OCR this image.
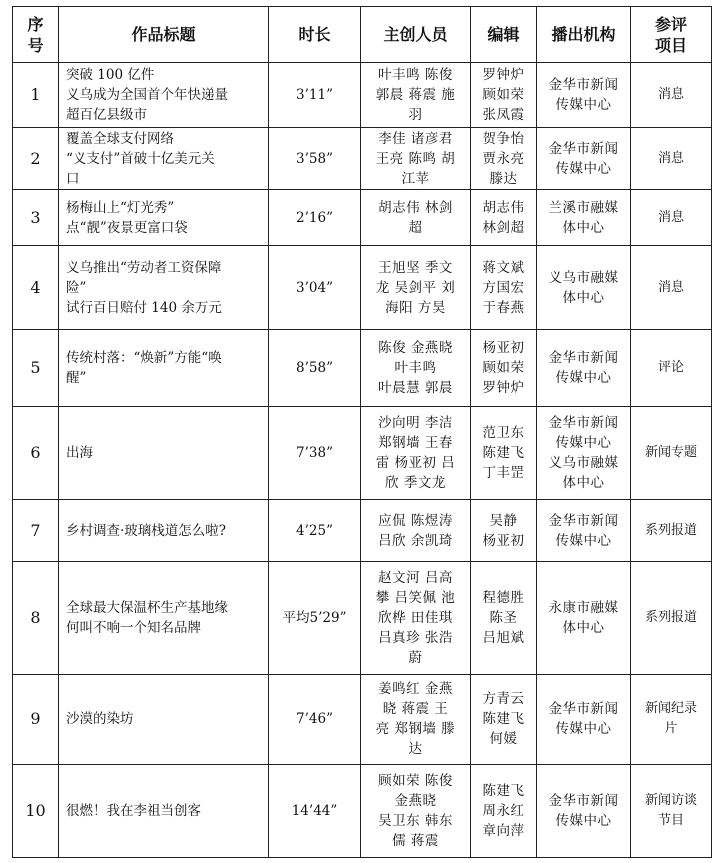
序
号	作品标题	时长	主创人员	编辑	播出机构	参评
项目

1	突破 100 亿件
义乌成为全国首个年快递量
超百亿县级市	3’11”	叶丰鸣 陈俊
郭晨 蒋震 施
羽	罗钟炉
顾如荣
张凤霞	金华市新闻
传媒中心	消息

2	覆盖全球支付网络
“义支付”首破十亿美元关
口	3’58”	李佳 诸彦君
王亮 陈鸣 胡
江苹	贺争怡
贾永亮
滕达	金华市新闻
传媒中心	消息

3	杨梅山上“灯光秀”
点“靓”夜景更富口袋	2’16”	胡志伟 林剑
超	胡志伟
林剑超	兰溪市融媒
体中心	消息

4	义乌推出“劳动者工资保障
险”
试行百日赔付 140 余万元	3’04”	王旭坚 季文
龙 吴剑平 刘
海阳 方昊	蒋文斌
方国宏
于春燕	义乌市融媒
体中心	消息

5	传统村落：“焕新”方能“唤
醒”	8’58”	陈俊 金燕晓
叶丰鸣
叶晨慧 郭晨	杨亚初
顾如荣
罗钟炉	金华市新闻
传媒中心	评论

6	出海	7’38”	沙向明 李洁
郑钢墙 王春
雷 杨亚初 吕
欣 季文龙	范卫东
陈建飞
丁丰罡	金华市新闻
传媒中心
义乌市融媒
体中心	新闻专题

7	乡村调查·玻璃栈道怎么啦?	4’25”	应侃 陈煜涛
吕欣 余凯琦	吴静
杨亚初	金华市新闻
传媒中心	系列报道

8	全球最大保温杯生产基地缘
何叫不响一个知名品牌	平均5’29”	赵文河 吕高
攀 吕笑佩 池
欣桦 田佳琪
吕真珍 张浩
蔚	程德胜
陈圣
吕旭斌	永康市融媒
体中心	系列报道

9	沙漠的染坊	7’46”	姜鸣红 金燕
晓 蒋震 王
亮 郑钢墙 滕
达	方青云
陈建飞
何媛	金华市新闻
传媒中心	新闻纪录
片

10	很燃！我在李祖当创客	14’44”	顾如荣 陈俊
金燕晓
吴卫东 韩东
儒 蒋震	陈建飞
周永红
章向萍	金华市新闻
传媒中心	新闻访谈
节目
